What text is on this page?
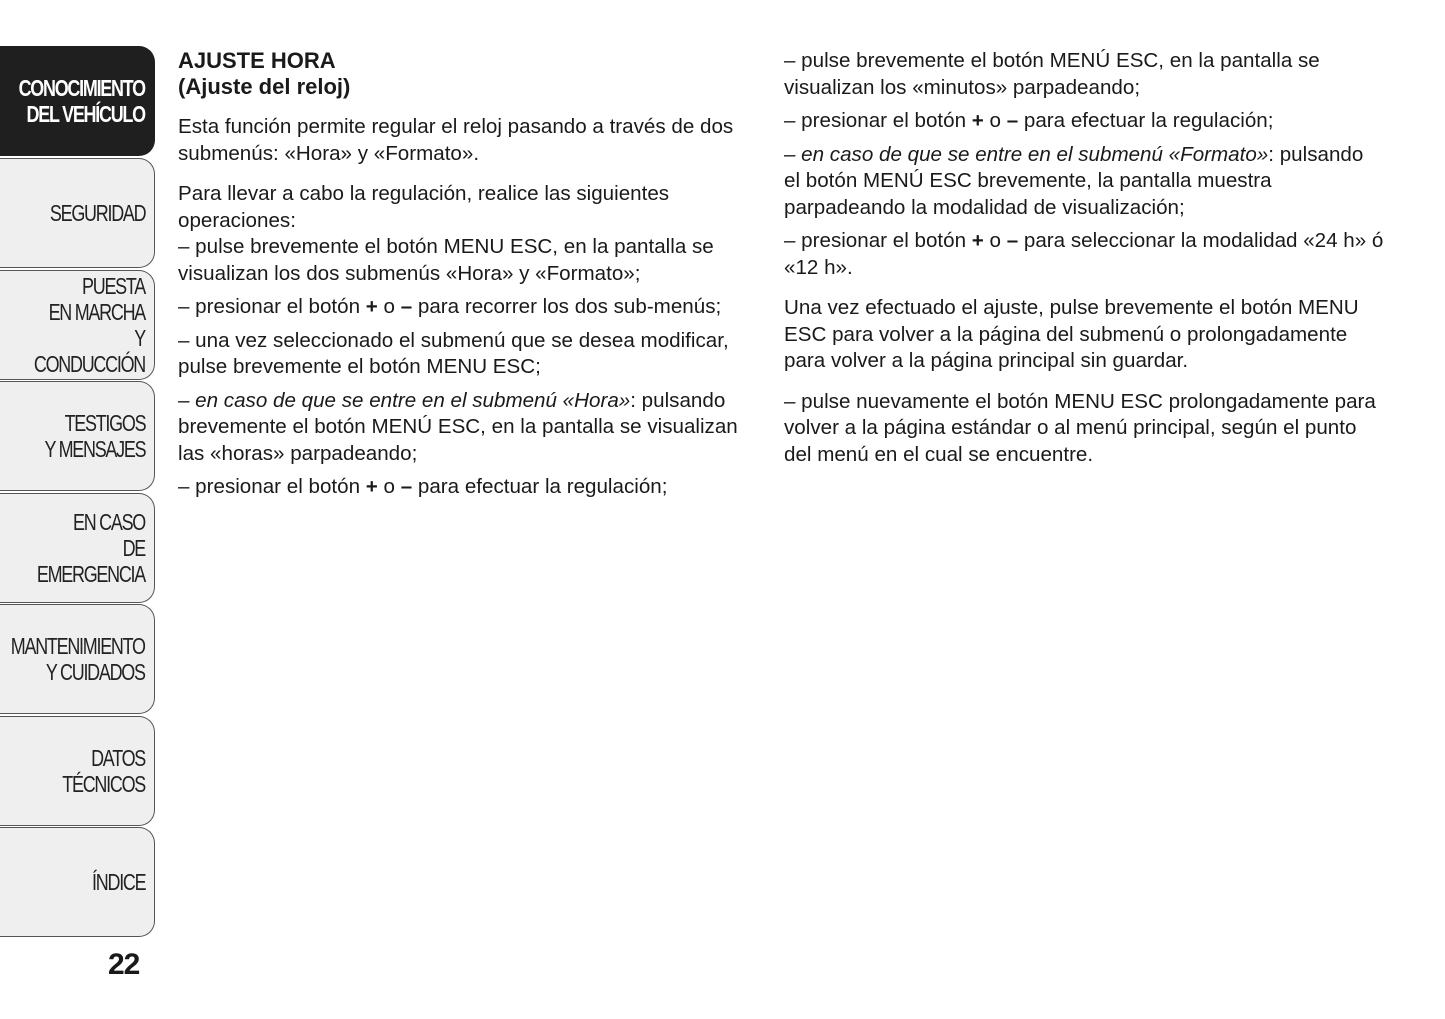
CONOCIMIENTO
DEL VEHÍCULO
SEGURIDAD
PUESTA
EN MARCHA
Y CONDUCCIÓN
TESTIGOS
Y MENSAJES
EN CASO
DE EMERGENCIA
MANTENIMIENTO
Y CUIDADOS
DATOS TÉCNICOS
ÍNDICE
22

AJUSTE HORA

(Ajuste del reloj)

Esta función permite regular el reloj pasando a través de dos submenús: «Hora» y «Formato».

Para llevar a cabo la regulación, realice las siguientes operaciones:

– pulse brevemente el botón MENU ESC, en la pantalla se visualizan los dos submenús «Hora» y «Formato»;

– presionar el botón + o – para recorrer los dos sub-menús;

– una vez seleccionado el submenú que se desea modificar, pulse brevemente el botón MENU ESC;

– en caso de que se entre en el submenú «Hora»: pulsando brevemente el botón MENÚ ESC, en la pantalla se visualizan las «horas» parpadeando;

– presionar el botón + o – para efectuar la regulación;

– pulse brevemente el botón MENÚ ESC, en la pantalla se visualizan los «minutos» parpadeando;

– presionar el botón + o – para efectuar la regulación;

– en caso de que se entre en el submenú «Formato»: pulsando el botón MENÚ ESC brevemente, la pantalla muestra parpadeando la modalidad de visualización;

– presionar el botón + o – para seleccionar la modalidad «24 h» ó «12 h».

Una vez efectuado el ajuste, pulse brevemente el botón MENU ESC para volver a la página del submenú o prolongadamente para volver a la página principal sin guardar.

– pulse nuevamente el botón MENU ESC prolongadamente para volver a la página estándar o al menú principal, según el punto del menú en el cual se encuentre.
